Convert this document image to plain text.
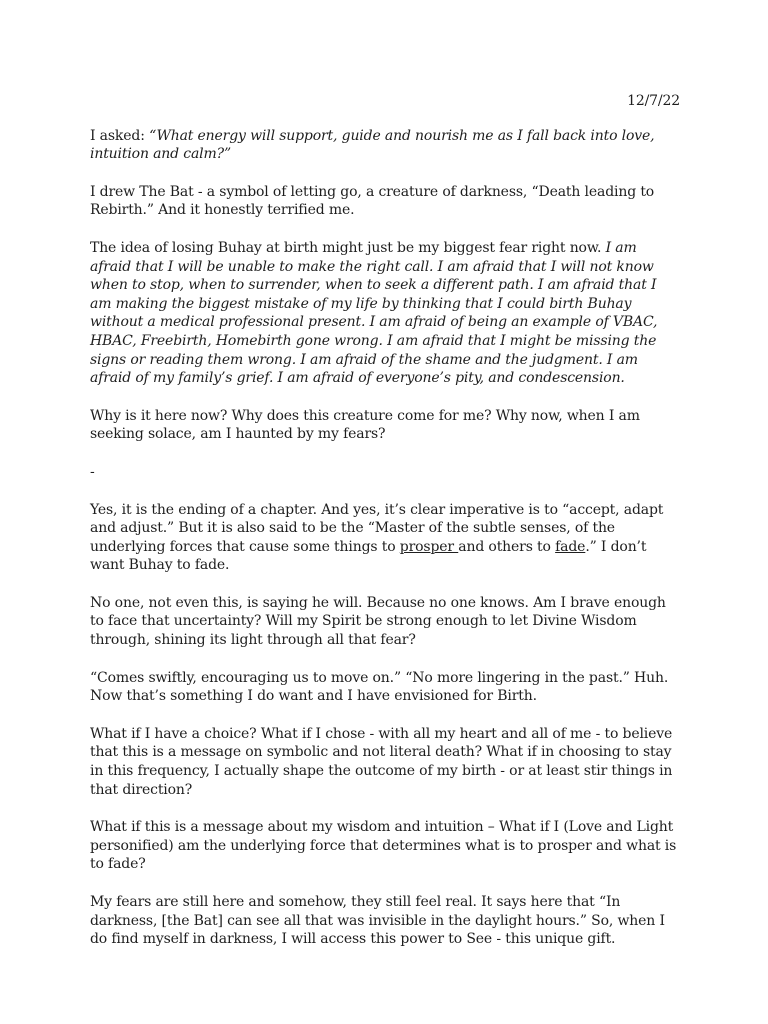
12/7/22

I asked: “What energy will support, guide and nourish me as I fall back into love, intuition and calm?”

I drew The Bat - a symbol of letting go, a creature of darkness, “Death leading to Rebirth.” And it honestly terrified me.

The idea of losing Buhay at birth might just be my biggest fear right now. I am afraid that I will be unable to make the right call. I am afraid that I will not know when to stop, when to surrender, when to seek a different path. I am afraid that I am making the biggest mistake of my life by thinking that I could birth Buhay without a medical professional present. I am afraid of being an example of VBAC, HBAC, Freebirth, Homebirth gone wrong. I am afraid that I might be missing the signs or reading them wrong. I am afraid of the shame and the judgment. I am afraid of my family’s grief. I am afraid of everyone’s pity, and condescension.

Why is it here now? Why does this creature come for me? Why now, when I am seeking solace, am I haunted by my fears?

-

Yes, it is the ending of a chapter. And yes, it’s clear imperative is to “accept, adapt and adjust.” But it is also said to be the “Master of the subtle senses, of the underlying forces that cause some things to prosper and others to fade.” I don’t want Buhay to fade.

No one, not even this, is saying he will. Because no one knows. Am I brave enough to face that uncertainty? Will my Spirit be strong enough to let Divine Wisdom through, shining its light through all that fear?

“Comes swiftly, encouraging us to move on.” “No more lingering in the past.” Huh. Now that’s something I do want and I have envisioned for Birth.

What if I have a choice? What if I chose - with all my heart and all of me - to believe that this is a message on symbolic and not literal death? What if in choosing to stay in this frequency, I actually shape the outcome of my birth - or at least stir things in that direction?

What if this is a message about my wisdom and intuition – What if I (Love and Light personified) am the underlying force that determines what is to prosper and what is to fade?

My fears are still here and somehow, they still feel real. It says here that “In darkness, [the Bat] can see all that was invisible in the daylight hours.” So, when I do find myself in darkness, I will access this power to See - this unique gift.
